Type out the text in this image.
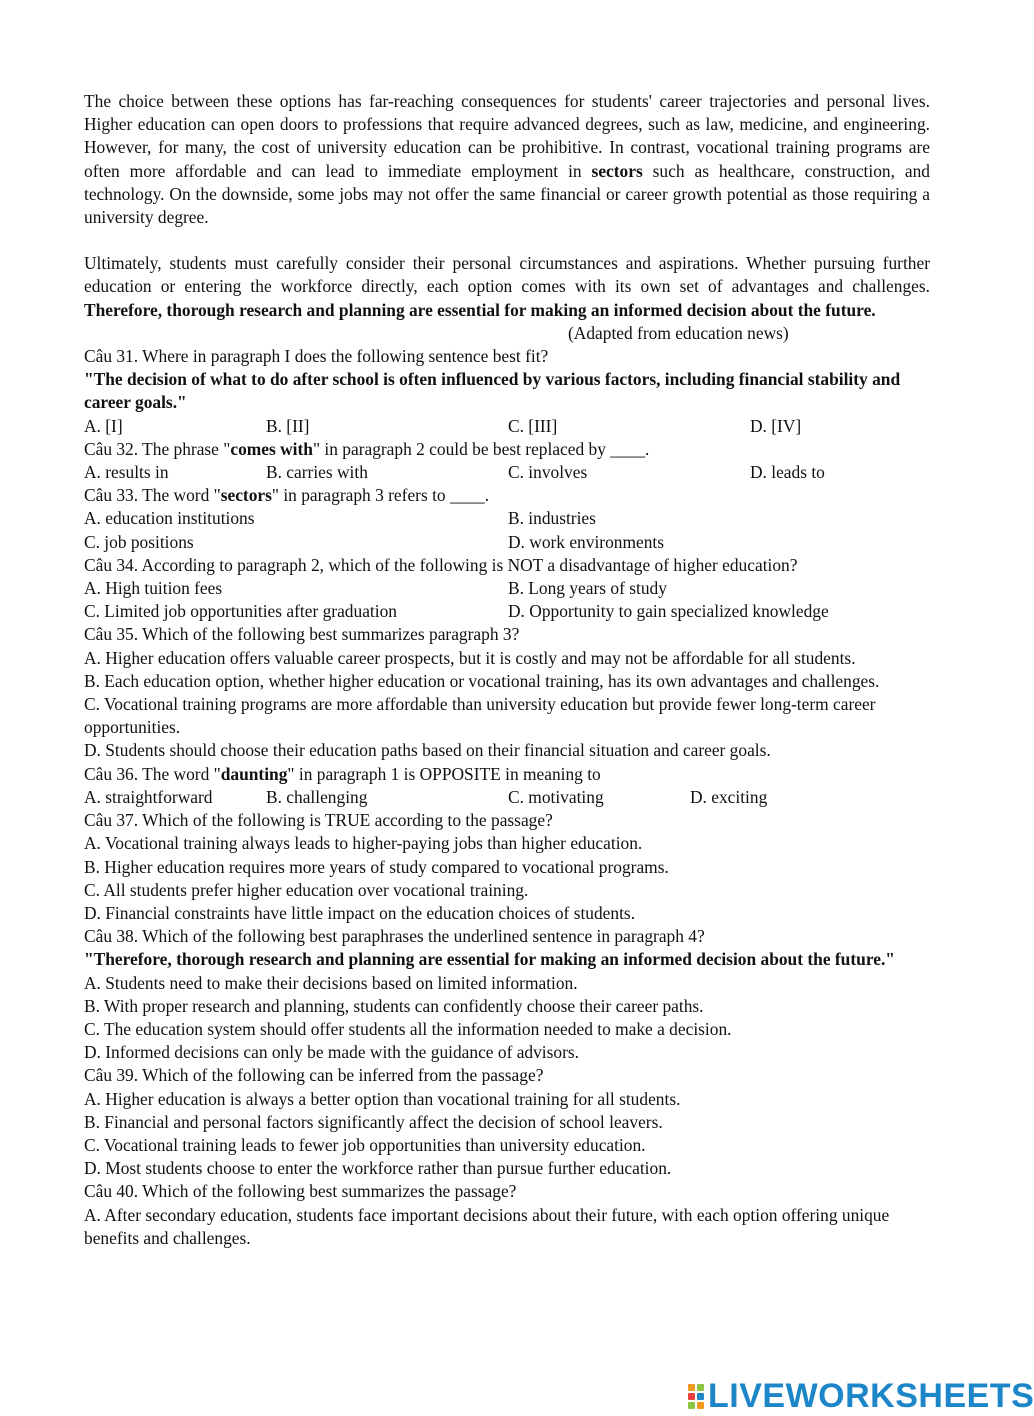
The choice between these options has far-reaching consequences for students' career trajectories and personal lives. Higher education can open doors to professions that require advanced degrees, such as law, medicine, and engineering. However, for many, the cost of university education can be prohibitive. In contrast, vocational training programs are often more affordable and can lead to immediate employment in sectors such as healthcare, construction, and technology. On the downside, some jobs may not offer the same financial or career growth potential as those requiring a university degree.
Ultimately, students must carefully consider their personal circumstances and aspirations. Whether pursuing further education or entering the workforce directly, each option comes with its own set of advantages and challenges. Therefore, thorough research and planning are essential for making an informed decision about the future.
(Adapted from education news)
Câu 31. Where in paragraph I does the following sentence best fit?
"The decision of what to do after school is often influenced by various factors, including financial stability and career goals."
A. [I]	B. [II]	C. [III]	D. [IV]
Câu 32. The phrase "comes with" in paragraph 2 could be best replaced by ____.
A. results in	B. carries with	C. involves	D. leads to
Câu 33. The word "sectors" in paragraph 3 refers to ____.
A. education institutions	B. industries
C. job positions	D. work environments
Câu 34. According to paragraph 2, which of the following is NOT a disadvantage of higher education?
A. High tuition fees	B. Long years of study
C. Limited job opportunities after graduation	D. Opportunity to gain specialized knowledge
Câu 35. Which of the following best summarizes paragraph 3?
A. Higher education offers valuable career prospects, but it is costly and may not be affordable for all students.
B. Each education option, whether higher education or vocational training, has its own advantages and challenges.
C. Vocational training programs are more affordable than university education but provide fewer long-term career opportunities.
D. Students should choose their education paths based on their financial situation and career goals.
Câu 36. The word "daunting" in paragraph 1 is OPPOSITE in meaning to
A. straightforward	B. challenging	C. motivating	D. exciting
Câu 37. Which of the following is TRUE according to the passage?
A. Vocational training always leads to higher-paying jobs than higher education.
B. Higher education requires more years of study compared to vocational programs.
C. All students prefer higher education over vocational training.
D. Financial constraints have little impact on the education choices of students.
Câu 38. Which of the following best paraphrases the underlined sentence in paragraph 4?
"Therefore, thorough research and planning are essential for making an informed decision about the future."
A. Students need to make their decisions based on limited information.
B. With proper research and planning, students can confidently choose their career paths.
C. The education system should offer students all the information needed to make a decision.
D. Informed decisions can only be made with the guidance of advisors.
Câu 39. Which of the following can be inferred from the passage?
A. Higher education is always a better option than vocational training for all students.
B. Financial and personal factors significantly affect the decision of school leavers.
C. Vocational training leads to fewer job opportunities than university education.
D. Most students choose to enter the workforce rather than pursue further education.
Câu 40. Which of the following best summarizes the passage?
A. After secondary education, students face important decisions about their future, with each option offering unique benefits and challenges.
LIVEWORKSHEETS
